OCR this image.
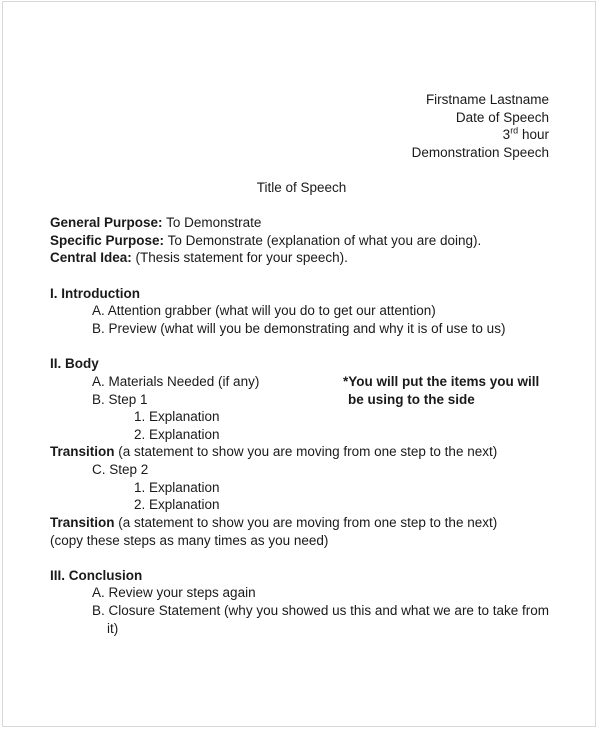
Firstname Lastname
Date of Speech
3rd hour
Demonstration Speech
Title of Speech
General Purpose: To Demonstrate
Specific Purpose: To Demonstrate (explanation of what you are doing).
Central Idea: (Thesis statement for your speech).
I. Introduction
A. Attention grabber (what will you do to get our attention)
B. Preview (what will you be demonstrating and why it is of use to us)
II. Body
A. Materials Needed (if any)	*You will put the items you will
be using to the side
B. Step 1
1. Explanation
2. Explanation
Transition (a statement to show you are moving from one step to the next)
C. Step 2
1. Explanation
2. Explanation
Transition (a statement to show you are moving from one step to the next)
(copy these steps as many times as you need)
III. Conclusion
A. Review your steps again
B. Closure Statement (why you showed us this and what we are to take from
it)
